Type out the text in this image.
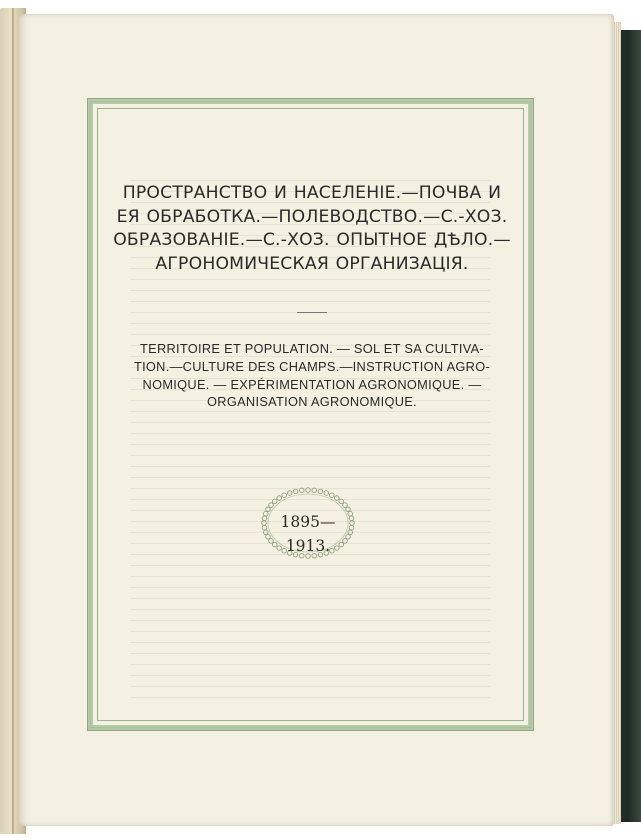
ПРОСТРАНСТВО И НАСЕЛЕНІЕ.—ПОЧВА И
ЕЯ ОБРАБОТКА.—ПОЛЕВОДСТВО.—С.-ХОЗ.
ОБРАЗОВАНІЕ.—С.-ХОЗ. ОПЫТНОЕ ДѢЛО.—
АГРОНОМИЧЕСКАЯ ОРГАНИЗАЦІЯ.

TERRITOIRE ET POPULATION. — SOL ET SA CULTIVA-
TION.—CULTURE DES CHAMPS.—INSTRUCTION AGRO-
NOMIQUE. — EXPÉRIMENTATION AGRONOMIQUE. —
ORGANISATION AGRONOMIQUE.

1895—1913.
